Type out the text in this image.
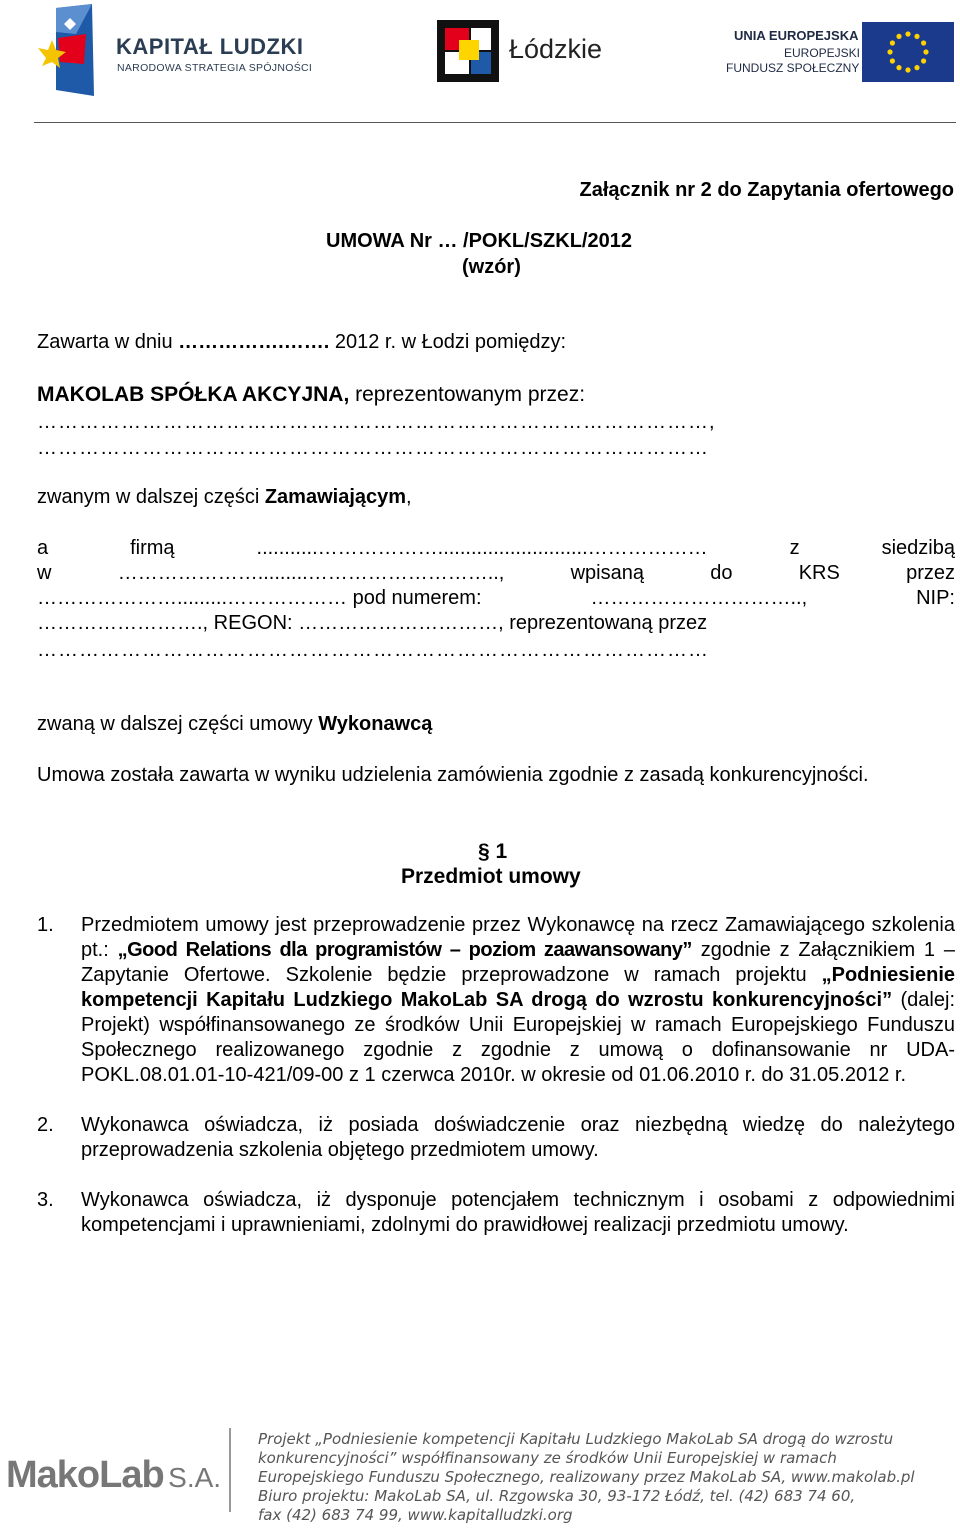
KAPITAŁ LUDZKI
NARODOWA STRATEGIA SPÓJNOŚCI
Łódzkie	UNIA EUROPEJSKA
EUROPEJSKI
FUNDUSZ SPOŁECZNY
Załącznik nr 2 do Zapytania ofertowego
UMOWA Nr … /POKL/SZKL/2012
(wzór)
Zawarta w dniu …………….……. 2012 r. w Łodzi pomiędzy:
MAKOLAB SPÓŁKA AKCYJNA, reprezentowanym przez:
……………………………………………………………………………………,
……………………………………………………………………………………
zwanym w dalszej części Zamawiającym,
a	firmą	...........………………...........................………………	z	siedzibą
w	………………….........………………………..,	wpisaną	do	KRS	przez
………………….........……………… pod numerem:	…………………………..,	NIP:
……………………., REGON: …………………………, reprezentowaną przez
……………………………………………………………………………………
zwaną w dalszej części umowy Wykonawcą
Umowa została zawarta w wyniku udzielenia zamówienia zgodnie z zasadą konkurencyjności.
§ 1
Przedmiot umowy
1. Przedmiotem umowy jest przeprowadzenie przez Wykonawcę na rzecz Zamawiającego szkolenia pt.: „Good Relations dla programistów – poziom zaawansowany” zgodnie z Załącznikiem 1 – Zapytanie Ofertowe. Szkolenie będzie przeprowadzone w ramach projektu „Podniesienie kompetencji Kapitału Ludzkiego MakoLab SA drogą do wzrostu konkurencyjności” (dalej: Projekt) współfinansowanego ze środków Unii Europejskiej w ramach Europejskiego Funduszu Społecznego realizowanego zgodnie z zgodnie z umową o dofinansowanie nr UDA-POKL.08.01.01-10-421/09-00 z 1 czerwca 2010r. w okresie od 01.06.2010 r. do 31.05.2012 r.
2. Wykonawca oświadcza, iż posiada doświadczenie oraz niezbędną wiedzę do należytego przeprowadzenia szkolenia objętego przedmiotem umowy.
3. Wykonawca oświadcza, iż dysponuje potencjałem technicznym i osobami z odpowiednimi kompetencjami i uprawnieniami, zdolnymi do prawidłowej realizacji przedmiotu umowy.
MakoLab S.A.
Projekt „Podniesienie kompetencji Kapitału Ludzkiego MakoLab SA drogą do wzrostu
konkurencyjności” współfinansowany ze środków Unii Europejskiej w ramach
Europejskiego Funduszu Społecznego, realizowany przez MakoLab SA, www.makolab.pl
Biuro projektu: MakoLab SA, ul. Rzgowska 30, 93-172 Łódź, tel. (42) 683 74 60,
fax (42) 683 74 99, www.kapitalludzki.org
